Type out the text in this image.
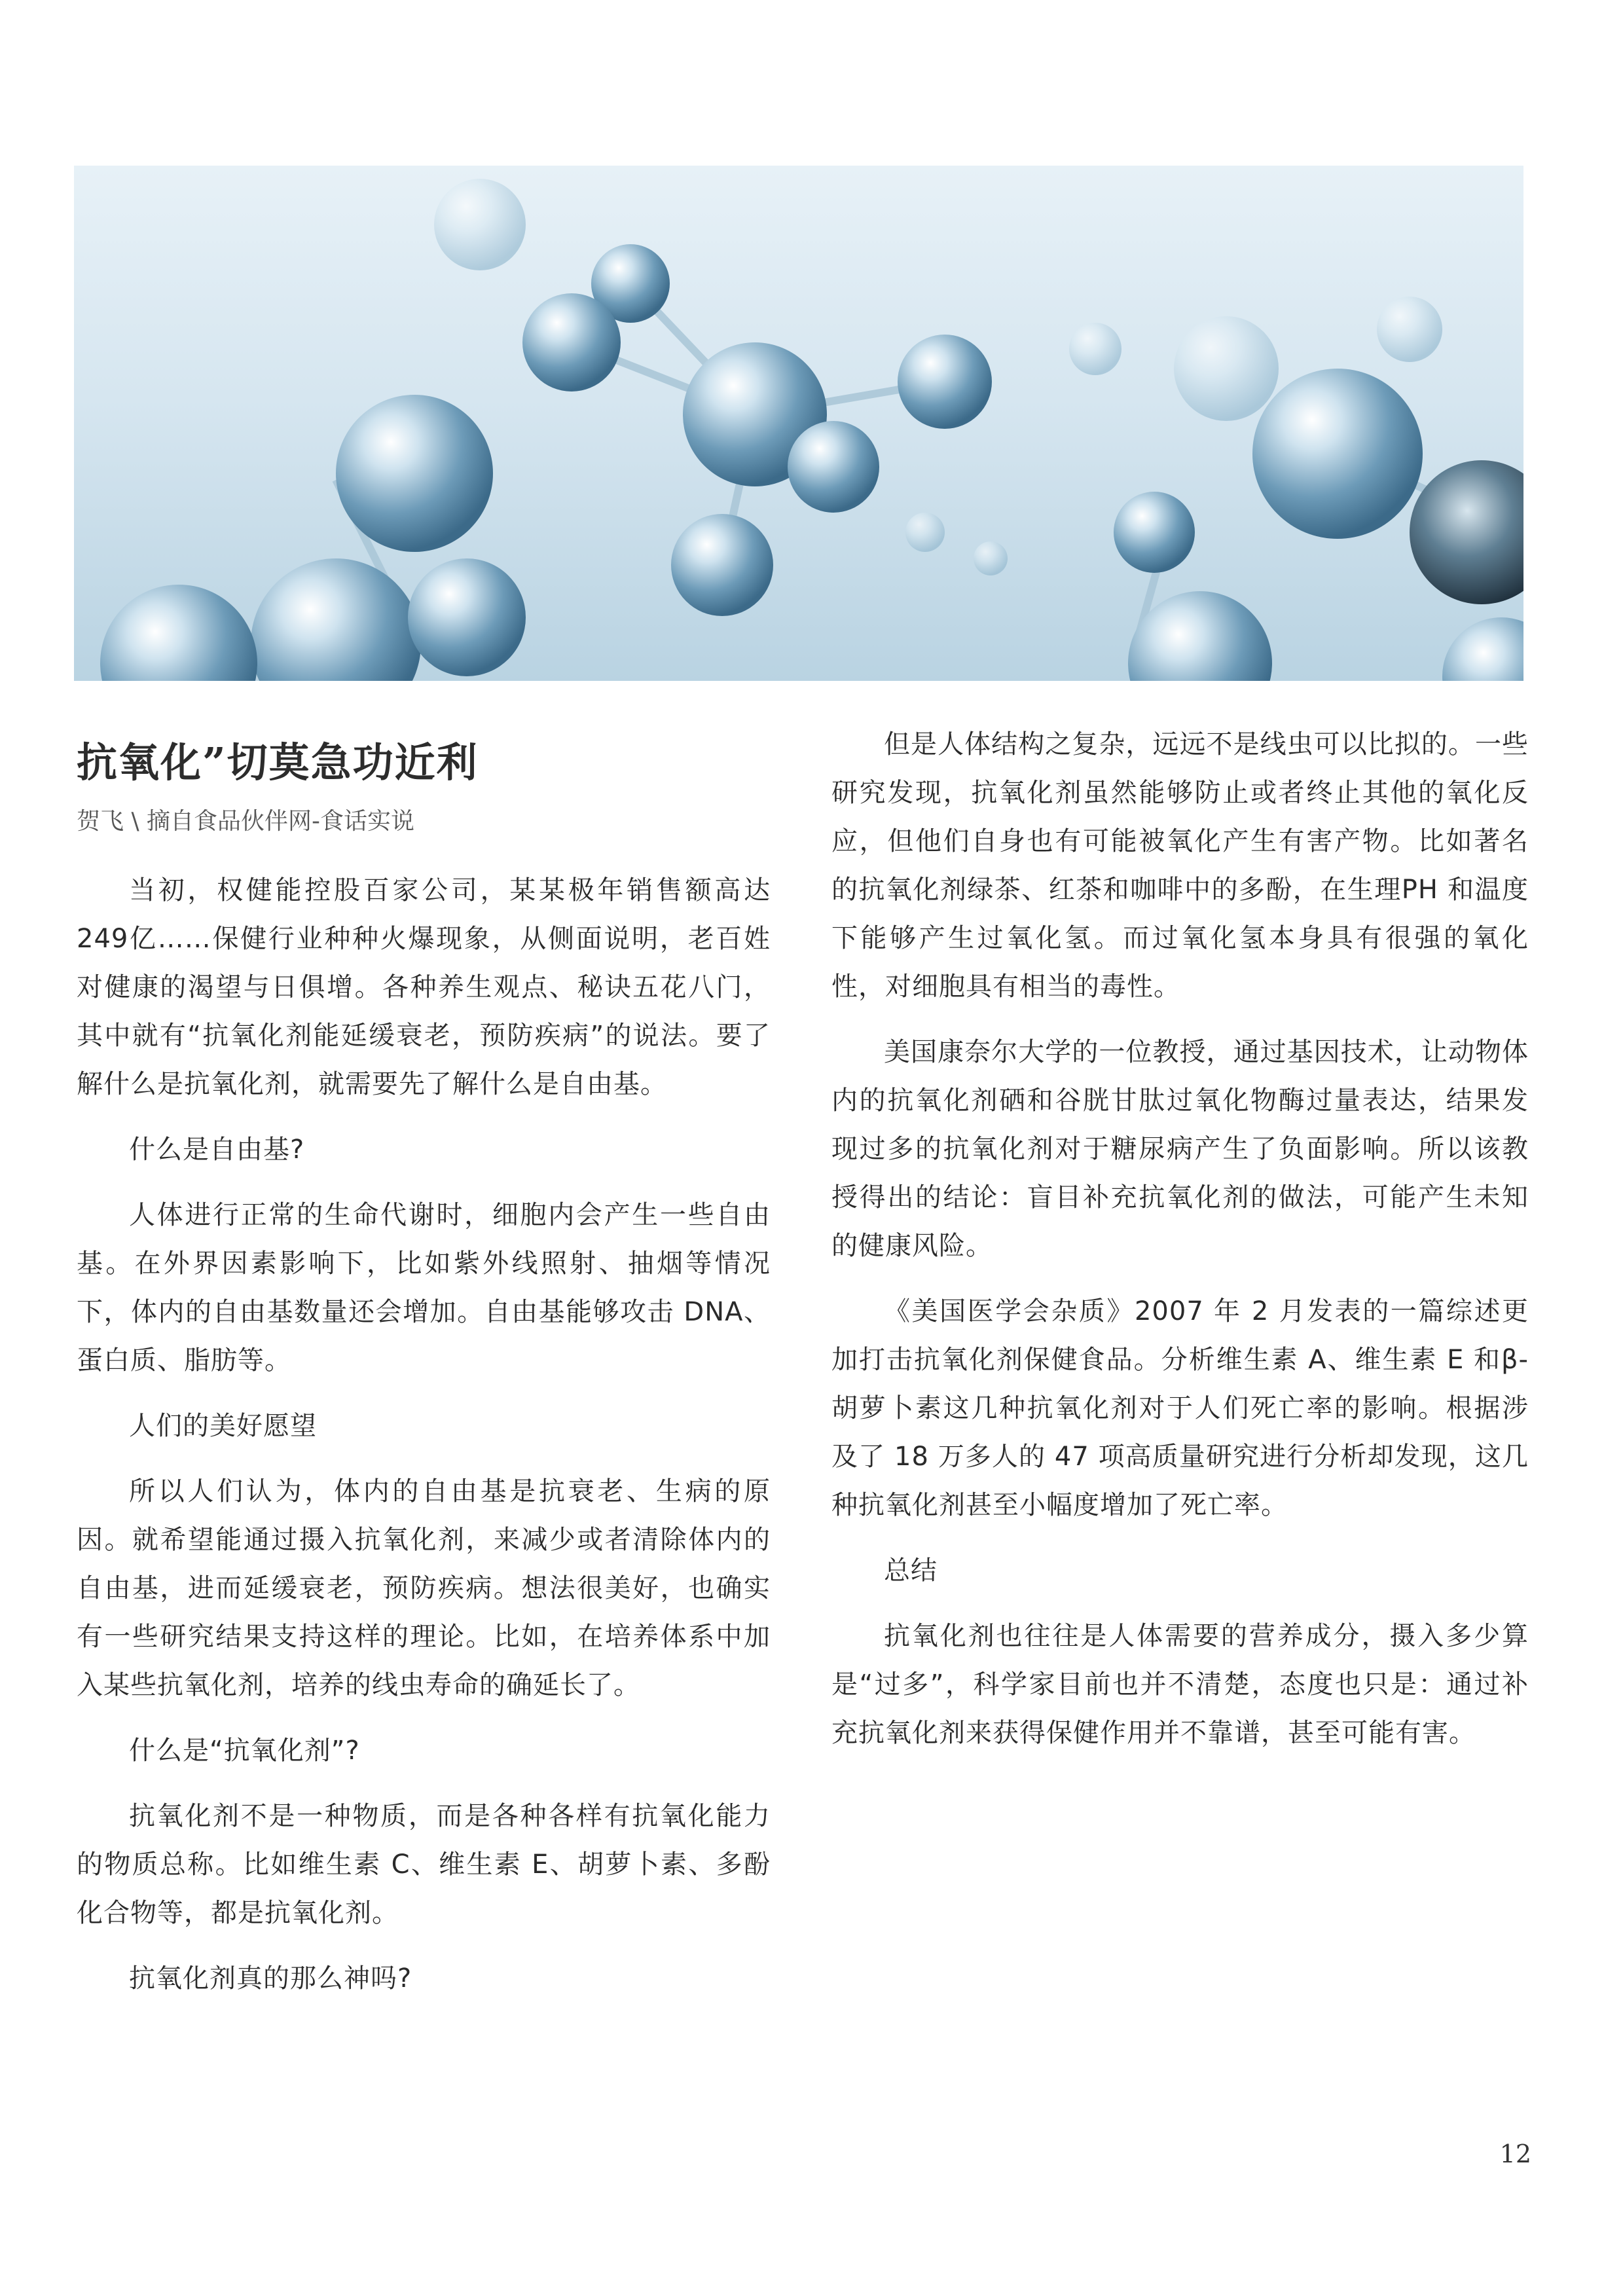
抗氧化”切莫急功近利
贺飞 \ 摘自食品伙伴网-食话实说

当初，权健能控股百家公司，某某极年销售额高达249亿……保健行业种种火爆现象，从侧面说明，老百姓对健康的渴望与日俱增。各种养生观点、秘诀五花八门，其中就有“抗氧化剂能延缓衰老，预防疾病”的说法。要了解什么是抗氧化剂，就需要先了解什么是自由基。

什么是自由基?

人体进行正常的生命代谢时，细胞内会产生一些自由基。在外界因素影响下，比如紫外线照射、抽烟等情况下，体内的自由基数量还会增加。自由基能够攻击 DNA、蛋白质、脂肪等。

人们的美好愿望

所以人们认为，体内的自由基是抗衰老、生病的原因。就希望能通过摄入抗氧化剂，来减少或者清除体内的自由基，进而延缓衰老，预防疾病。想法很美好，也确实有一些研究结果支持这样的理论。比如，在培养体系中加入某些抗氧化剂，培养的线虫寿命的确延长了。

什么是“抗氧化剂”?

抗氧化剂不是一种物质，而是各种各样有抗氧化能力的物质总称。比如维生素 C、维生素 E、胡萝卜素、多酚化合物等，都是抗氧化剂。

抗氧化剂真的那么神吗?

但是人体结构之复杂，远远不是线虫可以比拟的。一些研究发现，抗氧化剂虽然能够防止或者终止其他的氧化反应，但他们自身也有可能被氧化产生有害产物。比如著名的抗氧化剂绿茶、红茶和咖啡中的多酚，在生理PH 和温度下能够产生过氧化氢。而过氧化氢本身具有很强的氧化性，对细胞具有相当的毒性。

美国康奈尔大学的一位教授，通过基因技术，让动物体内的抗氧化剂硒和谷胱甘肽过氧化物酶过量表达，结果发现过多的抗氧化剂对于糖尿病产生了负面影响。所以该教授得出的结论：盲目补充抗氧化剂的做法，可能产生未知的健康风险。

《美国医学会杂质》2007 年 2 月发表的一篇综述更加打击抗氧化剂保健食品。分析维生素 A、维生素 E 和β-胡萝卜素这几种抗氧化剂对于人们死亡率的影响。根据涉及了 18 万多人的 47 项高质量研究进行分析却发现，这几种抗氧化剂甚至小幅度增加了死亡率。

总结

抗氧化剂也往往是人体需要的营养成分，摄入多少算是“过多”，科学家目前也并不清楚，态度也只是：通过补充抗氧化剂来获得保健作用并不靠谱，甚至可能有害。

12
